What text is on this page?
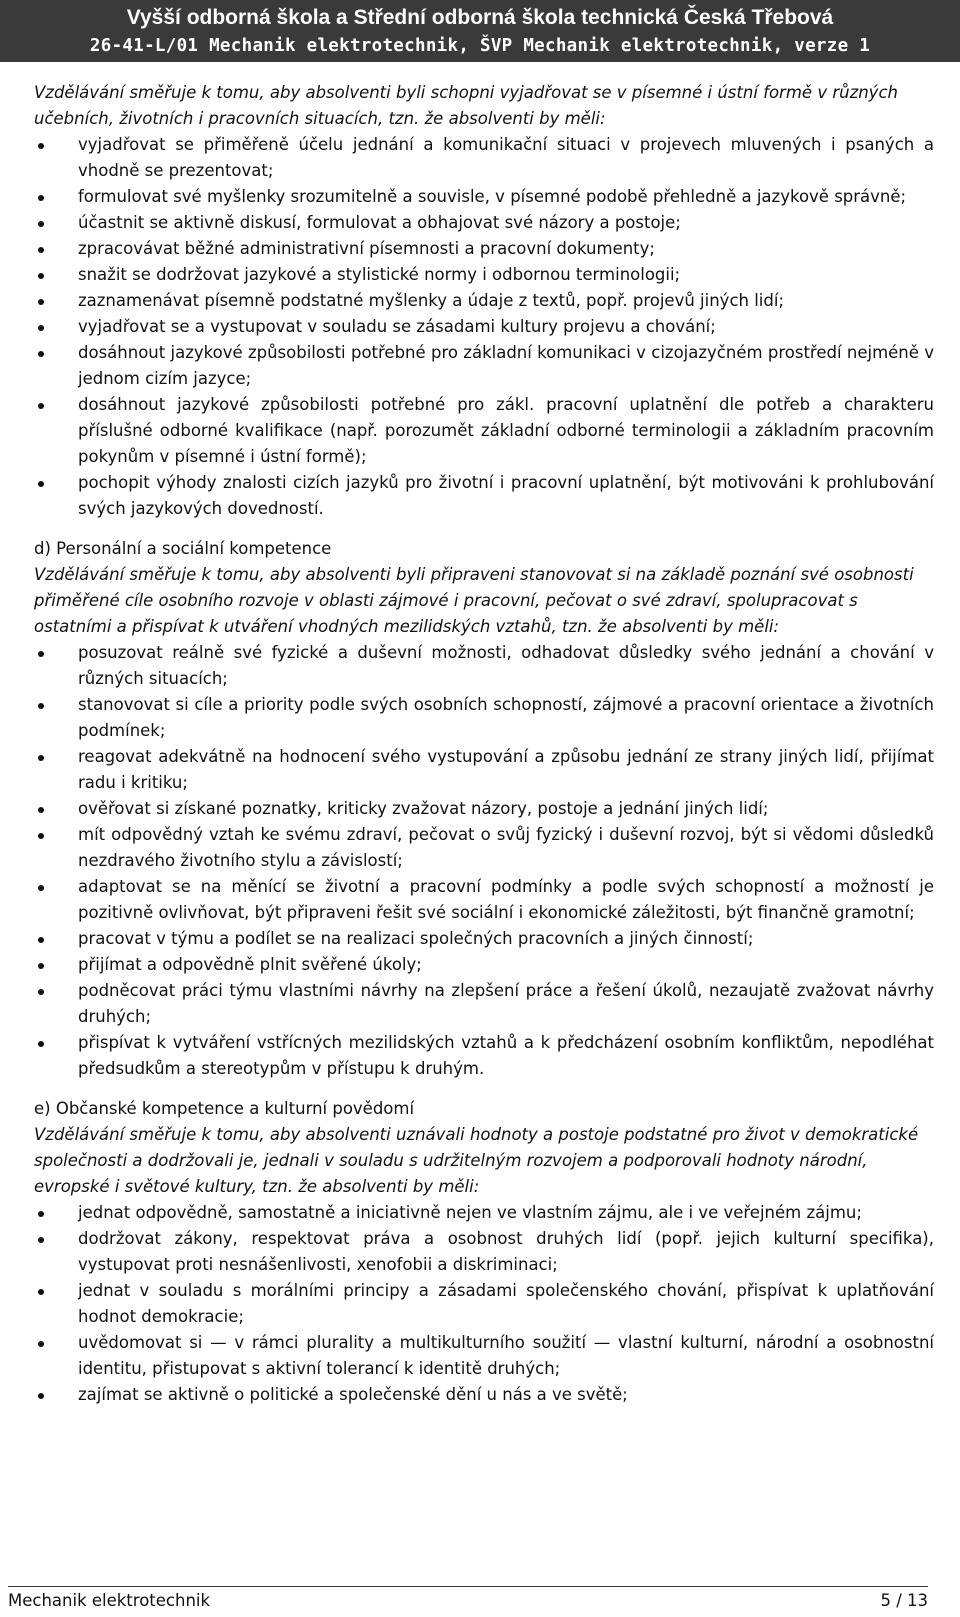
Vyšší odborná škola a Střední odborná škola technická Česká Třebová
26-41-L/01 Mechanik elektrotechnik, ŠVP Mechanik elektrotechnik, verze 1
Vzdělávání směřuje k tomu, aby absolventi byli schopni vyjadřovat se v písemné i ústní formě v různých učebních, životních i pracovních situacích, tzn. že absolventi by měli:
vyjadřovat se přiměřeně účelu jednání a komunikační situaci v projevech mluvených i psaných a vhodně se prezentovat;
formulovat své myšlenky srozumitelně a souvisle, v písemné podobě přehledně a jazykově správně;
účastnit se aktivně diskusí, formulovat a obhajovat své názory a postoje;
zpracovávat běžné administrativní písemnosti a pracovní dokumenty;
snažit se dodržovat jazykové a stylistické normy i odbornou terminologii;
zaznamenávat písemně podstatné myšlenky a údaje z textů, popř. projevů jiných lidí;
vyjadřovat se a vystupovat v souladu se zásadami kultury projevu a chování;
dosáhnout jazykové způsobilosti potřebné pro základní komunikaci v cizojazyčném prostředí nejméně v jednom cizím jazyce;
dosáhnout jazykové způsobilosti potřebné pro zákl. pracovní uplatnění dle potřeb a charakteru příslušné odborné kvalifikace (např. porozumět základní odborné terminologii a základním pracovním pokynům v písemné i ústní formě);
pochopit výhody znalosti cizích jazyků pro životní i pracovní uplatnění, být motivováni k prohlubování svých jazykových dovedností.
d) Personální a sociální kompetence
Vzdělávání směřuje k tomu, aby absolventi byli připraveni stanovovat si na základě poznání své osobnosti přiměřené cíle osobního rozvoje v oblasti zájmové i pracovní, pečovat o své zdraví, spolupracovat s ostatními a přispívat k utváření vhodných mezilidských vztahů, tzn. že absolventi by měli:
posuzovat reálně své fyzické a duševní možnosti, odhadovat důsledky svého jednání a chování v různých situacích;
stanovovat si cíle a priority podle svých osobních schopností, zájmové a pracovní orientace a životních podmínek;
reagovat adekvátně na hodnocení svého vystupování a způsobu jednání ze strany jiných lidí, přijímat radu i kritiku;
ověřovat si získané poznatky, kriticky zvažovat názory, postoje a jednání jiných lidí;
mít odpovědný vztah ke svému zdraví, pečovat o svůj fyzický i duševní rozvoj, být si vědomi důsledků nezdravého životního stylu a závislostí;
adaptovat se na měnící se životní a pracovní podmínky a podle svých schopností a možností je pozitivně ovlivňovat, být připraveni řešit své sociální i ekonomické záležitosti, být finančně gramotní;
pracovat v týmu a podílet se na realizaci společných pracovních a jiných činností;
přijímat a odpovědně plnit svěřené úkoly;
podněcovat práci týmu vlastními návrhy na zlepšení práce a řešení úkolů, nezaujatě zvažovat návrhy druhých;
přispívat k vytváření vstřícných mezilidských vztahů a k předcházení osobním konfliktům, nepodléhat předsudkům a stereotypům v přístupu k druhým.
e) Občanské kompetence a kulturní povědomí
Vzdělávání směřuje k tomu, aby absolventi uznávali hodnoty a postoje podstatné pro život v demokratické společnosti a dodržovali je, jednali v souladu s udržitelným rozvojem a podporovali hodnoty národní, evropské i světové kultury, tzn. že absolventi by měli:
jednat odpovědně, samostatně a iniciativně nejen ve vlastním zájmu, ale i ve veřejném zájmu;
dodržovat zákony, respektovat práva a osobnost druhých lidí (popř. jejich kulturní specifika), vystupovat proti nesnášenlivosti, xenofobii a diskriminaci;
jednat v souladu s morálními principy a zásadami společenského chování, přispívat k uplatňování hodnot demokracie;
uvědomovat si — v rámci plurality a multikulturního soužití — vlastní kulturní, národní a osobnostní identitu, přistupovat s aktivní tolerancí k identitě druhých;
zajímat se aktivně o politické a společenské dění u nás a ve světě;
Mechanik elektrotechnik	5 / 13
